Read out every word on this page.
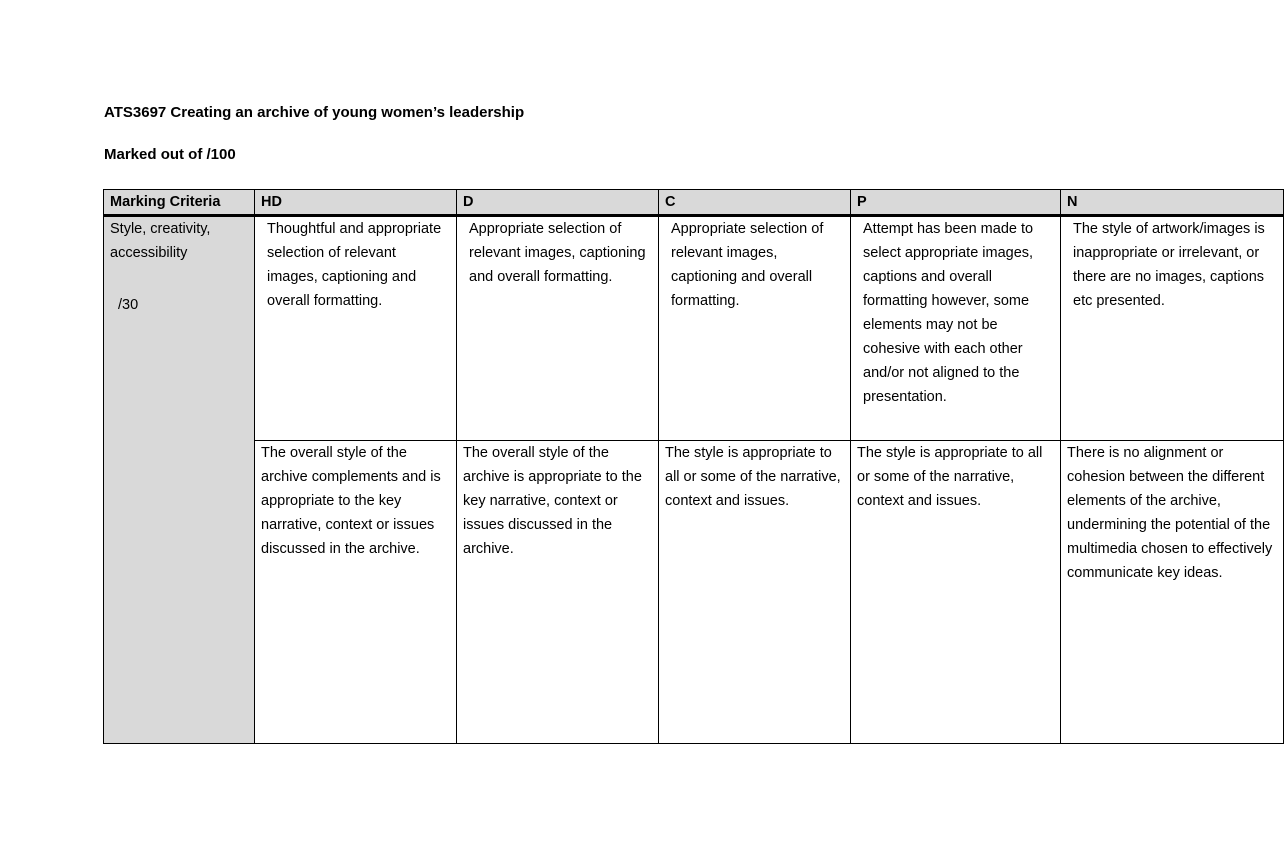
ATS3697 Creating an archive of young women’s leadership
Marked out of /100
Marking Criteria	HD	D	C	P	N

Style, creativity, accessibility
/30	Thoughtful and appropriate selection of relevant images, captioning and overall formatting.	Appropriate selection of relevant images, captioning and overall formatting.	Appropriate selection of relevant images, captioning and overall formatting.	Attempt has been made to select appropriate images, captions and overall formatting however, some elements may not be cohesive with each other and/or not aligned to the presentation.	The style of artwork/images is inappropriate or irrelevant, or there are no images, captions etc presented.
	The overall style of the archive complements and is appropriate to the key narrative, context or issues discussed in the archive.	The overall style of the archive is appropriate to the key narrative, context or issues discussed in the archive.	The style is appropriate to all or some of the narrative, context and issues.	The style is appropriate to all or some of the narrative, context and issues.	There is no alignment or cohesion between the different elements of the archive, undermining the potential of the multimedia chosen to effectively communicate key ideas.
